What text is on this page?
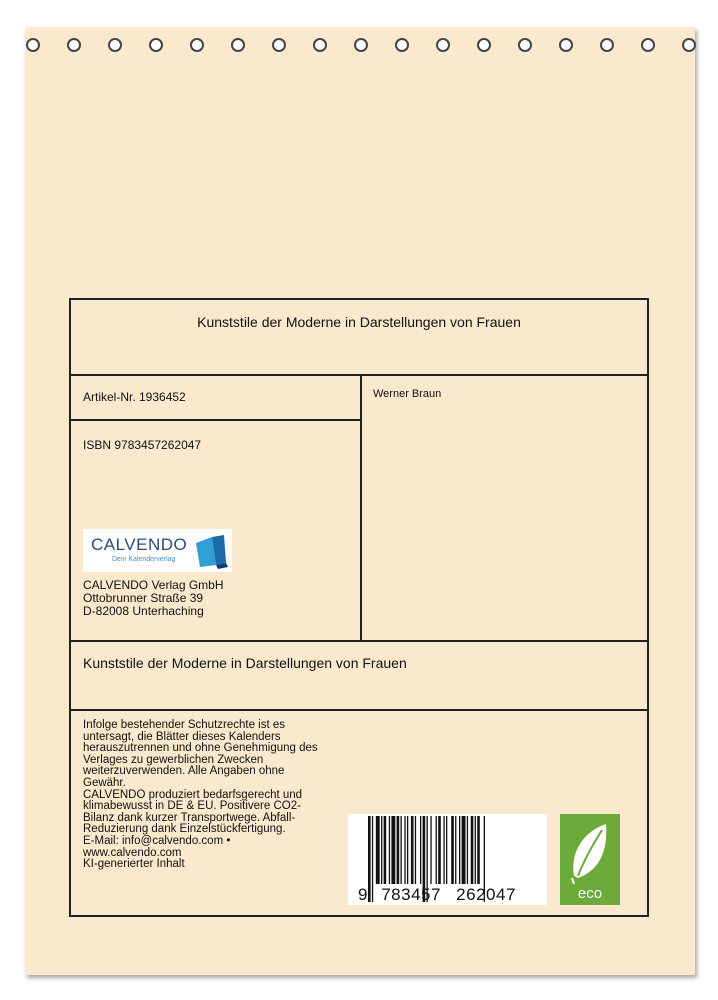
Kunststile der Moderne in Darstellungen von Frauen
Artikel-Nr. 1936452	Werner Braun
ISBN 9783457262047
CALVENDO
Dein Kalenderverlag
CALVENDO Verlag GmbH
Ottobrunner Straße 39
D-82008 Unterhaching
Kunststile der Moderne in Darstellungen von Frauen
Infolge bestehender Schutzrechte ist es
untersagt, die Blätter dieses Kalenders
herauszutrennen und ohne Genehmigung des
Verlages zu gewerblichen Zwecken
weiterzuverwenden. Alle Angaben ohne
Gewähr.
CALVENDO produziert bedarfsgerecht und
klimabewusst in DE & EU. Positivere CO2-
Bilanz dank kurzer Transportwege. Abfall-
Reduzierung dank Einzelstückfertigung.
E-Mail: info@calvendo.com •
www.calvendo.com
KI-generierter Inhalt
9 783457 262047	eco
